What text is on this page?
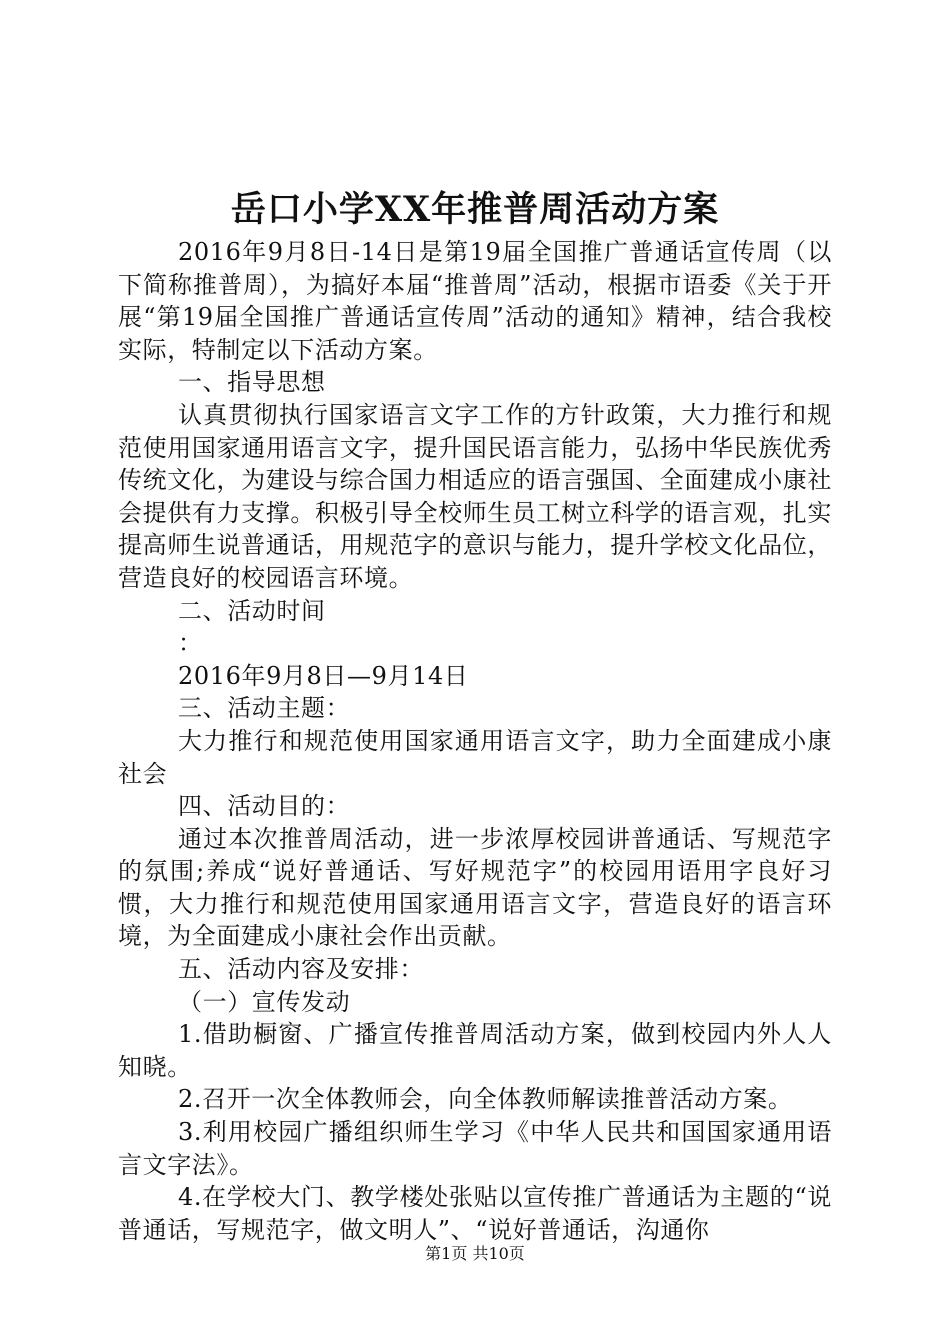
岳口小学XX年推普周活动方案

2016年9月8日-14日是第19届全国推广普通话宣传周（以下简称推普周），为搞好本届“推普周”活动，根据市语委《关于开展“第19届全国推广普通话宣传周”活动的通知》精神，结合我校实际，特制定以下活动方案。

一、指导思想

认真贯彻执行国家语言文字工作的方针政策，大力推行和规范使用国家通用语言文字，提升国民语言能力，弘扬中华民族优秀传统文化，为建设与综合国力相适应的语言强国、全面建成小康社会提供有力支撑。积极引导全校师生员工树立科学的语言观，扎实提高师生说普通话，用规范字的意识与能力，提升学校文化品位，营造良好的校园语言环境。

二、活动时间

：

2016年9月8日—9月14日

三、活动主题：

大力推行和规范使用国家通用语言文字，助力全面建成小康社会

四、活动目的：

通过本次推普周活动，进一步浓厚校园讲普通话、写规范字的氛围;养成“说好普通话、写好规范字”的校园用语用字良好习惯，大力推行和规范使用国家通用语言文字，营造良好的语言环境，为全面建成小康社会作出贡献。

五、活动内容及安排：

（一）宣传发动

1.借助橱窗、广播宣传推普周活动方案，做到校园内外人人知晓。

2.召开一次全体教师会，向全体教师解读推普活动方案。

3.利用校园广播组织师生学习《中华人民共和国国家通用语言文字法》。

4.在学校大门、教学楼处张贴以宣传推广普通话为主题的“说普通话，写规范字，做文明人”、“说好普通话，沟通你

第1页 共10页
